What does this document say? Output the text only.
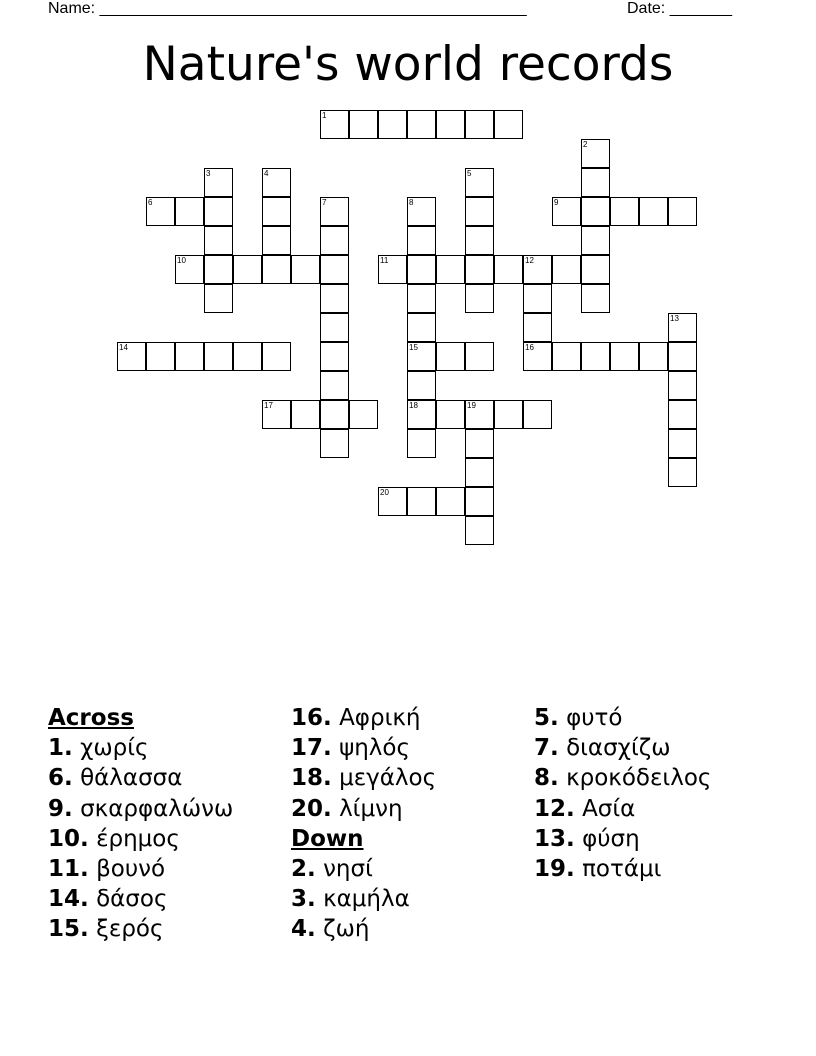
Name: ________________________________________________	Date: _______
Nature's world records
1
2
3	4	5
6	7	8	9
10	11	12
13
14	15	16
17	18	19
20
Across
1. χωρίς
6. θάλασσα
9. σκαρφαλώνω
10. έρημος
11. βουνό
14. δάσος
15. ξερός
16. Αφρική
17. ψηλός
18. μεγάλος
20. λίμνη
Down
2. νησί
3. καμήλα
4. ζωή
5. φυτό
7. διασχίζω
8. κροκόδειλος
12. Ασία
13. φύση
19. ποτάμι
